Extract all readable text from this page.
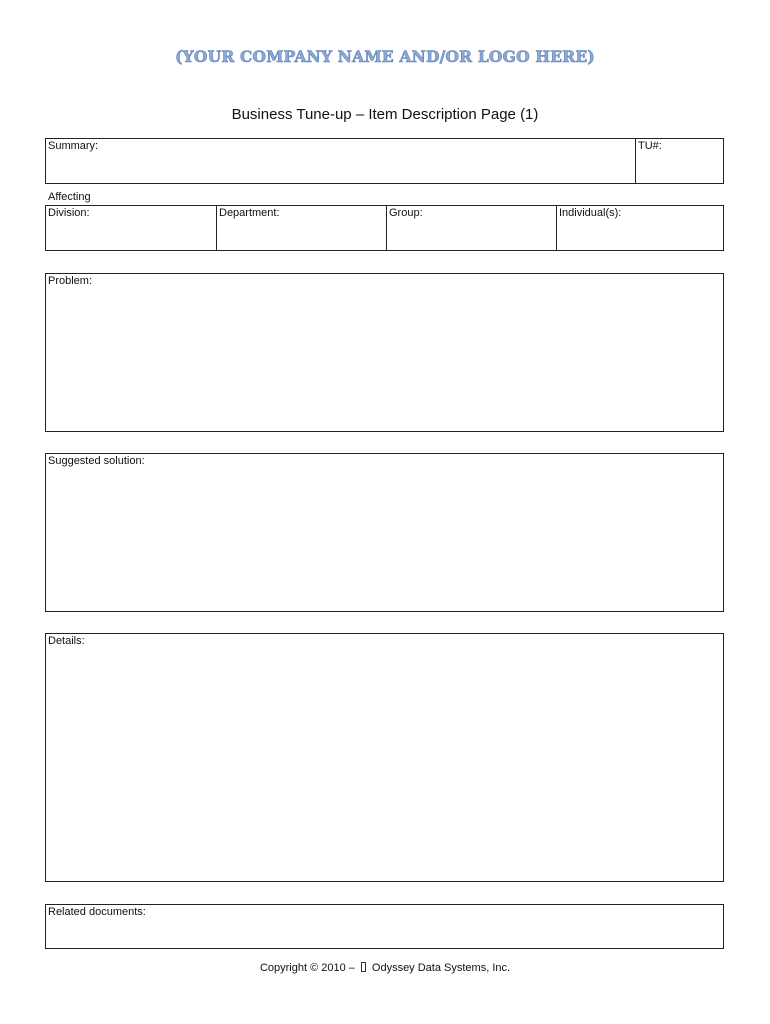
(YOUR COMPANY NAME AND/OR LOGO HERE)
Business Tune-up – Item Description Page (1)
Summary:	TU#:
Affecting
Division:	Department:	Group:	Individual(s):
Problem:
Suggested solution:
Details:
Related documents:
Copyright © 2010 – Odyssey Data Systems, Inc.
